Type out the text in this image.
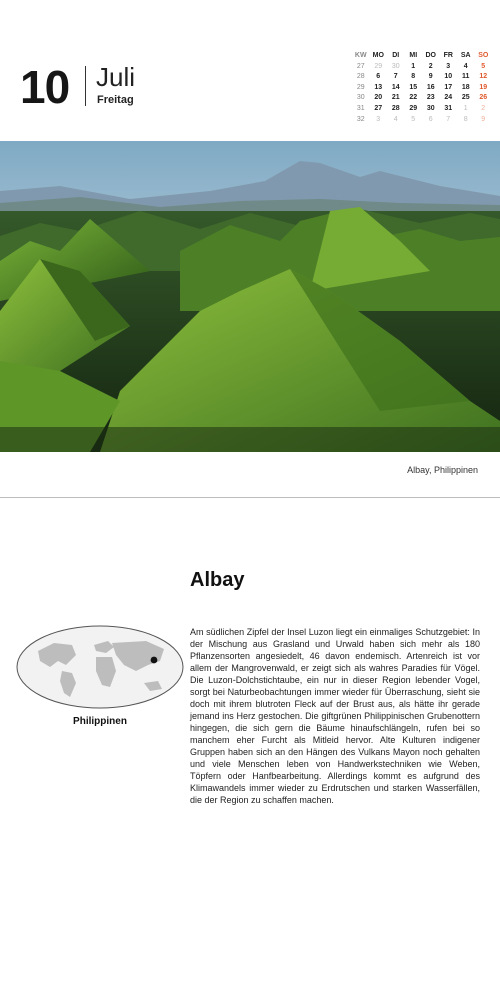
10 Juli
Freitag
KW	MO	DI	MI	DO	FR	SA	SO
27	29	30	1	2	3	4	5
28	6	7	8	9	10	11	12
29	13	14	15	16	17	18	19
30	20	21	22	23	24	25	26
31	27	28	29	30	31	1	2
32	3	4	5	6	7	8	9
Albay, Philippinen
Albay
Philippinen

Am südlichen Zipfel der Insel Luzon liegt ein einmaliges Schutzgebiet: In der Mischung aus Grasland und Urwald haben sich mehr als 180 Pflanzensorten angesiedelt, 46 davon endemisch. Artenreich ist vor allem der Mangrovenwald, er zeigt sich als wahres Paradies für Vögel. Die Luzon-Dolchstichtaube, ein nur in dieser Region lebender Vogel, sorgt bei Naturbeobachtungen immer wieder für Überraschung, sieht sie doch mit ihrem blutroten Fleck auf der Brust aus, als hätte ihr gerade jemand ins Herz gestochen. Die giftgrünen Philippinischen Grubenottern hingegen, die sich gern die Bäume hinaufschlängeln, rufen bei so manchem eher Furcht als Mitleid hervor. Alte Kulturen indigener Gruppen haben sich an den Hängen des Vulkans Mayon noch gehalten und viele Menschen leben von Handwerkstechniken wie Weben, Töpfern oder Hanfbearbeitung. Allerdings kommt es aufgrund des Klimawandels immer wieder zu Erdrutschen und starken Wasserfällen, die der Region zu schaffen machen.
